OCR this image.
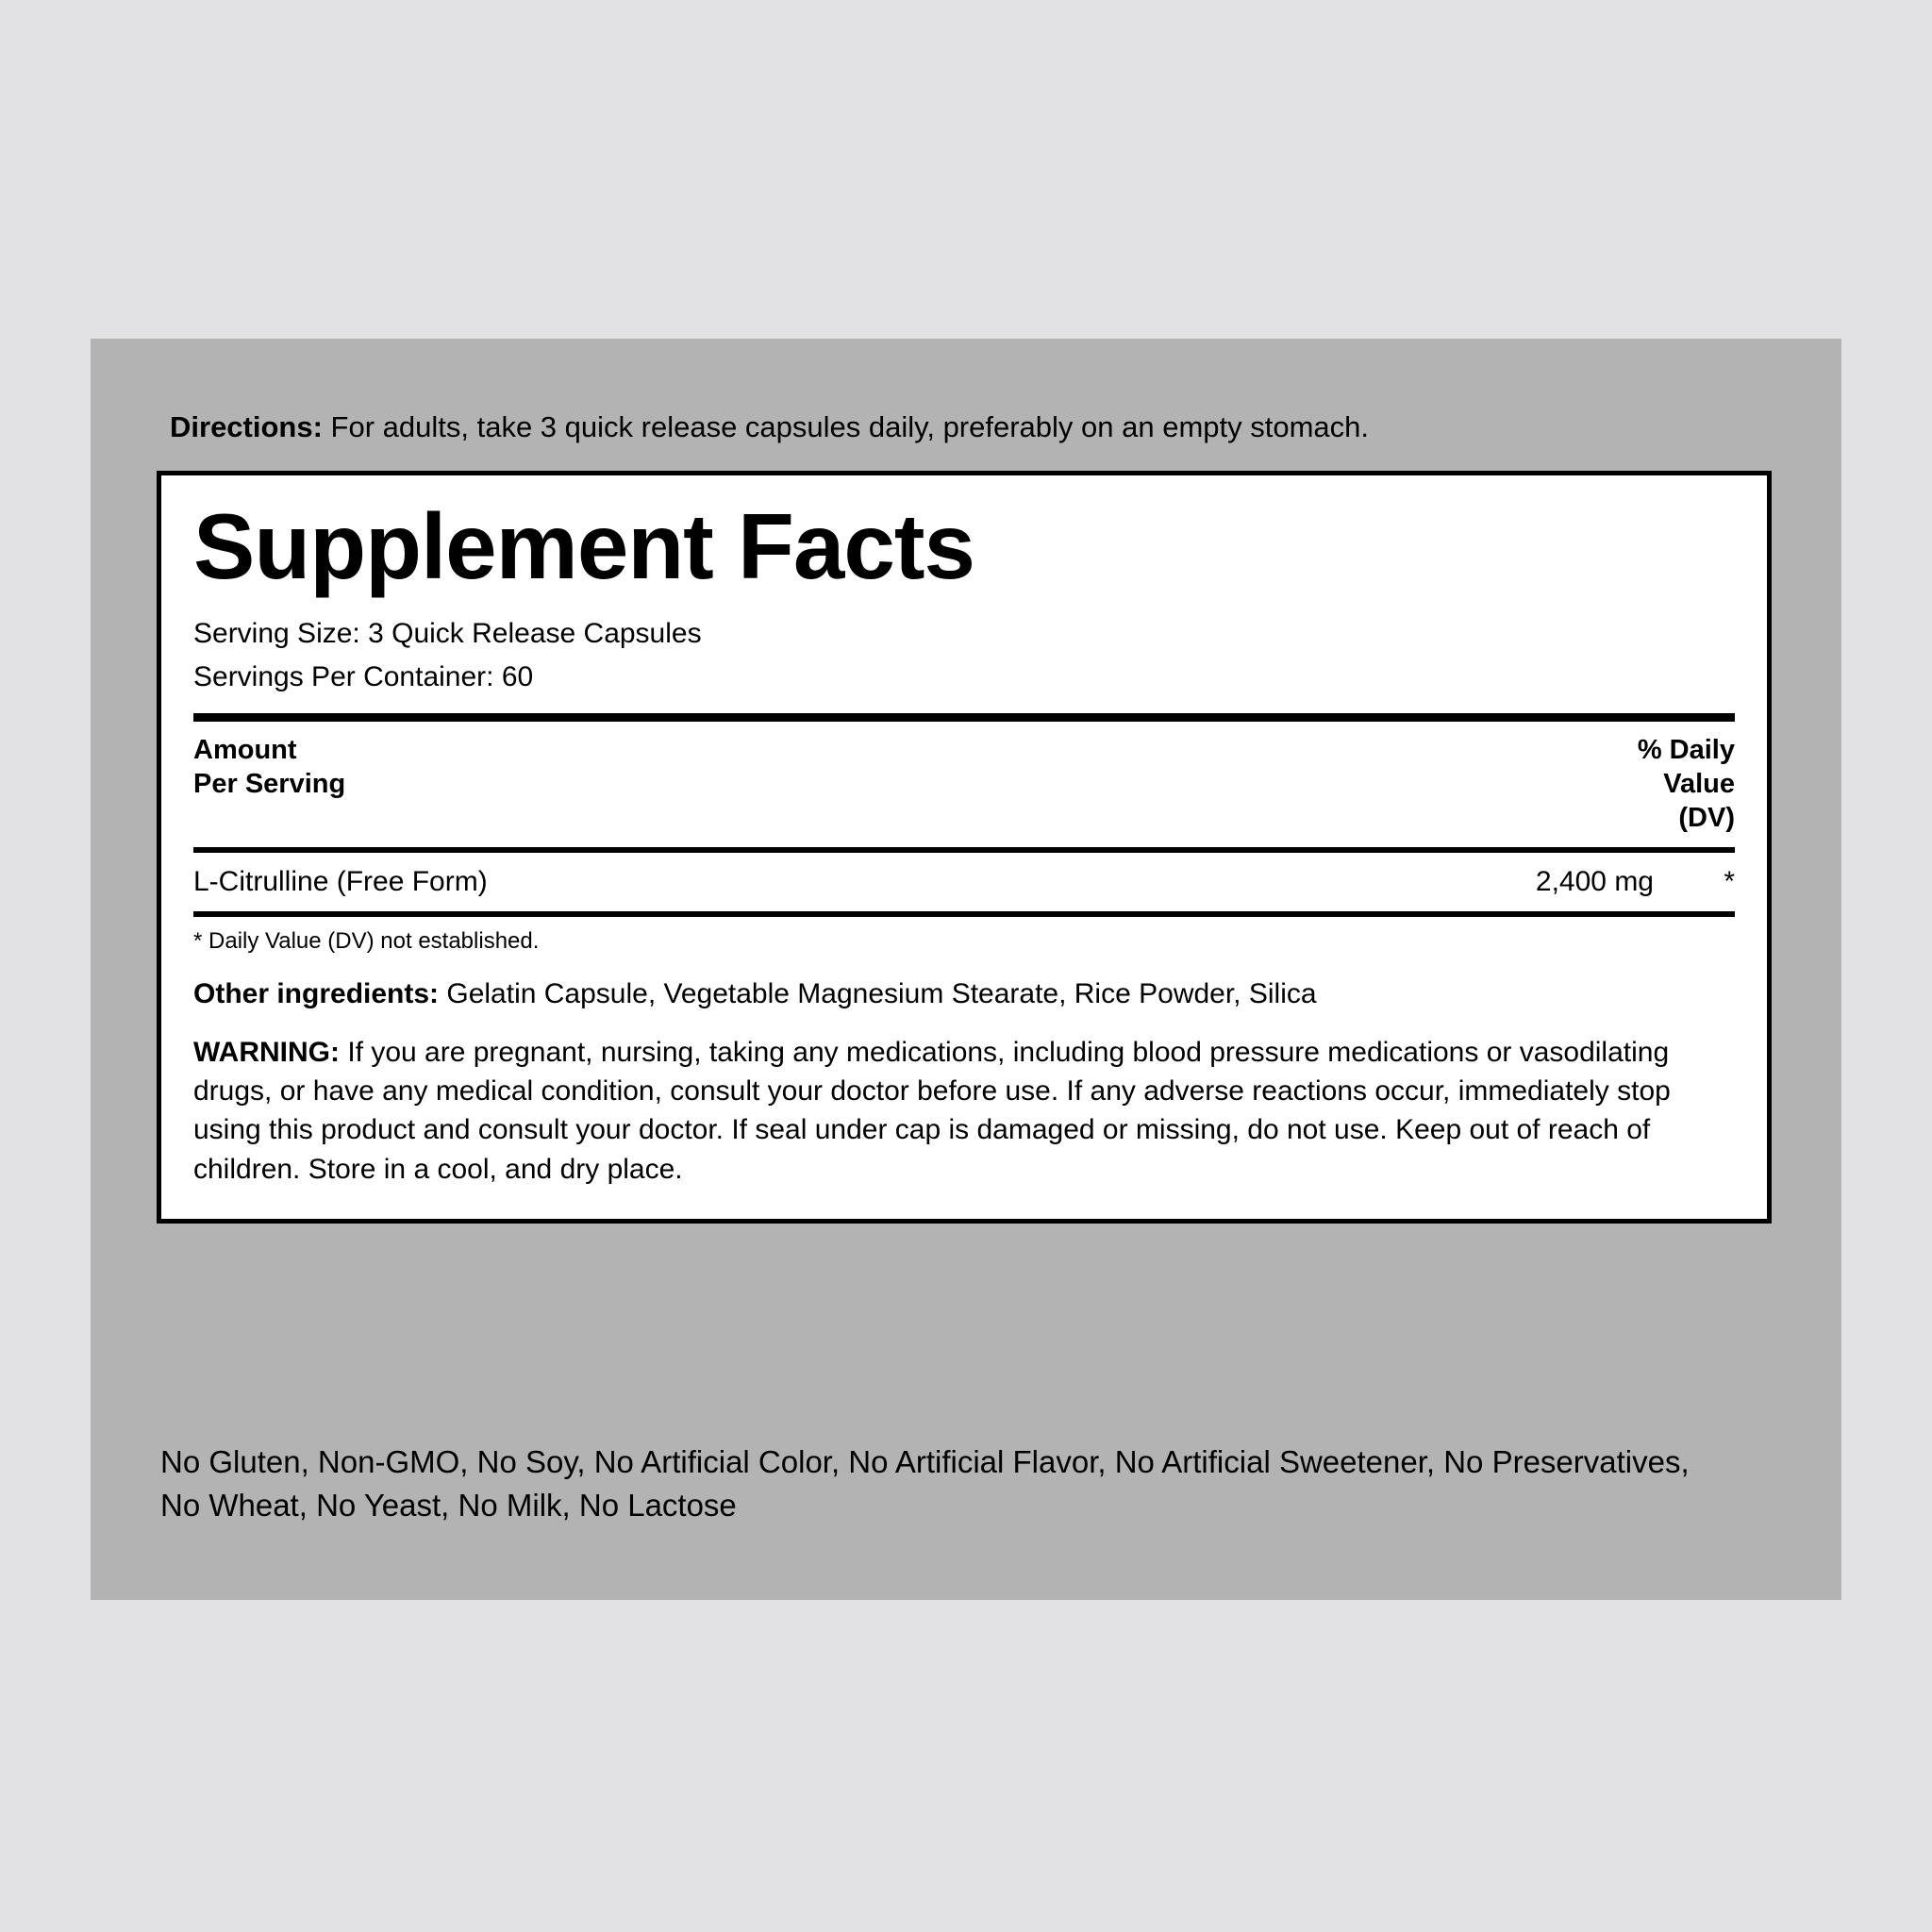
Directions: For adults, take 3 quick release capsules daily, preferably on an empty stomach.
Supplement Facts
Serving Size: 3 Quick Release Capsules
Servings Per Container: 60
Amount
Per Serving
% Daily
Value
(DV)
L-Citrulline (Free Form)	2,400 mg	*
* Daily Value (DV) not established.
Other ingredients: Gelatin Capsule, Vegetable Magnesium Stearate, Rice Powder, Silica
WARNING: If you are pregnant, nursing, taking any medications, including blood pressure medications or vasodilating drugs, or have any medical condition, consult your doctor before use. If any adverse reactions occur, immediately stop using this product and consult your doctor. If seal under cap is damaged or missing, do not use. Keep out of reach of children. Store in a cool, and dry place.
No Gluten, Non-GMO, No Soy, No Artificial Color, No Artificial Flavor, No Artificial Sweetener, No Preservatives, No Wheat, No Yeast, No Milk, No Lactose
